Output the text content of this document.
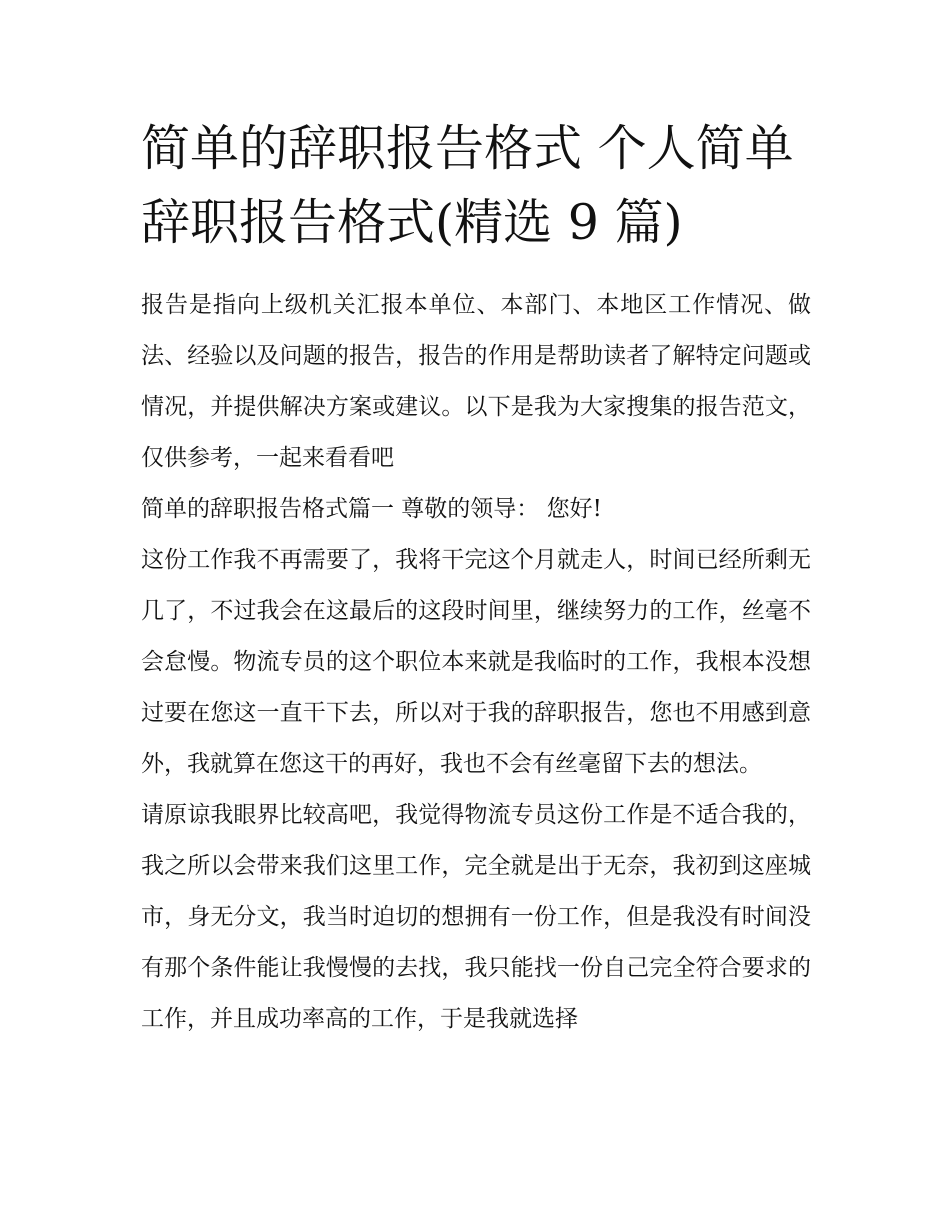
简单的辞职报告格式 个人简单
辞职报告格式(精选 9 篇)

报告是指向上级机关汇报本单位、本部门、本地区工作情况、做法、经验以及问题的报告，报告的作用是帮助读者了解特定问题或情况，并提供解决方案或建议。以下是我为大家搜集的报告范文，仅供参考，一起来看看吧

简单的辞职报告格式篇一 尊敬的领导： 您好!

这份工作我不再需要了，我将干完这个月就走人，时间已经所剩无几了，不过我会在这最后的这段时间里，继续努力的工作，丝毫不会怠慢。物流专员的这个职位本来就是我临时的工作，我根本没想过要在您这一直干下去，所以对于我的辞职报告，您也不用感到意外，我就算在您这干的再好，我也不会有丝毫留下去的想法。

请原谅我眼界比较高吧，我觉得物流专员这份工作是不适合我的，我之所以会带来我们这里工作，完全就是出于无奈，我初到这座城市，身无分文，我当时迫切的想拥有一份工作，但是我没有时间没有那个条件能让我慢慢的去找，我只能找一份自己完全符合要求的工作，并且成功率高的工作，于是我就选择
